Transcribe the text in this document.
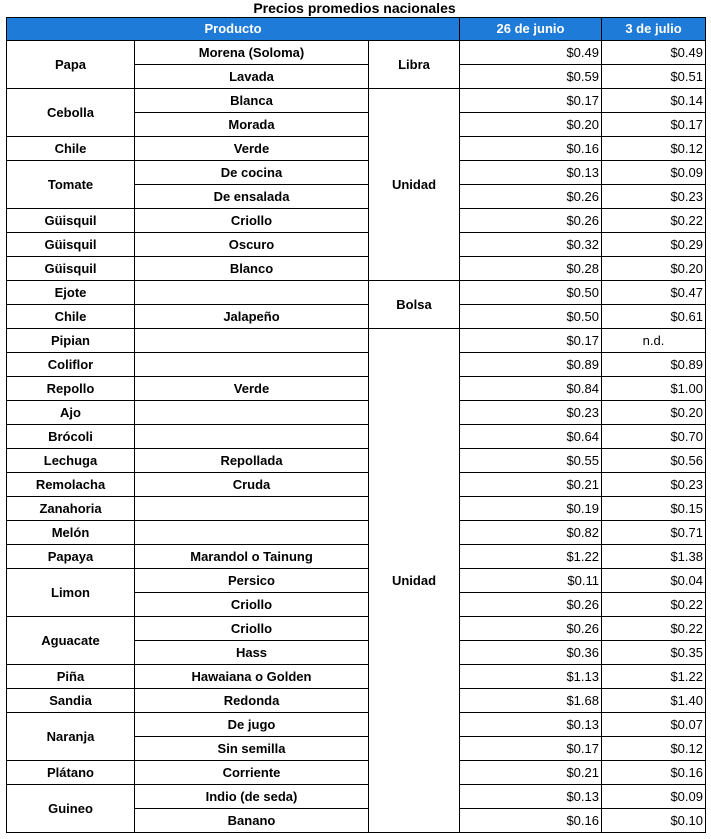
Precios promedios nacionales
Producto			26 de junio	3 de julio
Papa	Morena (Soloma)	Libra	$0.49	$0.49
	Lavada		$0.59	$0.51
Cebolla	Blanca	Unidad	$0.17	$0.14
	Morada		$0.20	$0.17
Chile	Verde		$0.16	$0.12
Tomate	De cocina		$0.13	$0.09
	De ensalada		$0.26	$0.23
Güisquil	Criollo		$0.26	$0.22
Güisquil	Oscuro		$0.32	$0.29
Güisquil	Blanco		$0.28	$0.20
Ejote		Bolsa	$0.50	$0.47
Chile	Jalapeño		$0.50	$0.61
Pipian		Unidad	$0.17	n.d.
Coliflor			$0.89	$0.89
Repollo	Verde		$0.84	$1.00
Ajo			$0.23	$0.20
Brócoli			$0.64	$0.70
Lechuga	Repollada		$0.55	$0.56
Remolacha	Cruda		$0.21	$0.23
Zanahoria			$0.19	$0.15
Melón			$0.82	$0.71
Papaya	Marandol o Tainung		$1.22	$1.38
Limon	Persico		$0.11	$0.04
	Criollo		$0.26	$0.22
Aguacate	Criollo		$0.26	$0.22
	Hass		$0.36	$0.35
Piña	Hawaiana o Golden		$1.13	$1.22
Sandia	Redonda		$1.68	$1.40
Naranja	De jugo		$0.13	$0.07
	Sin semilla		$0.17	$0.12
Plátano	Corriente		$0.21	$0.16
Guineo	Indio (de seda)		$0.13	$0.09
	Banano		$0.16	$0.10
